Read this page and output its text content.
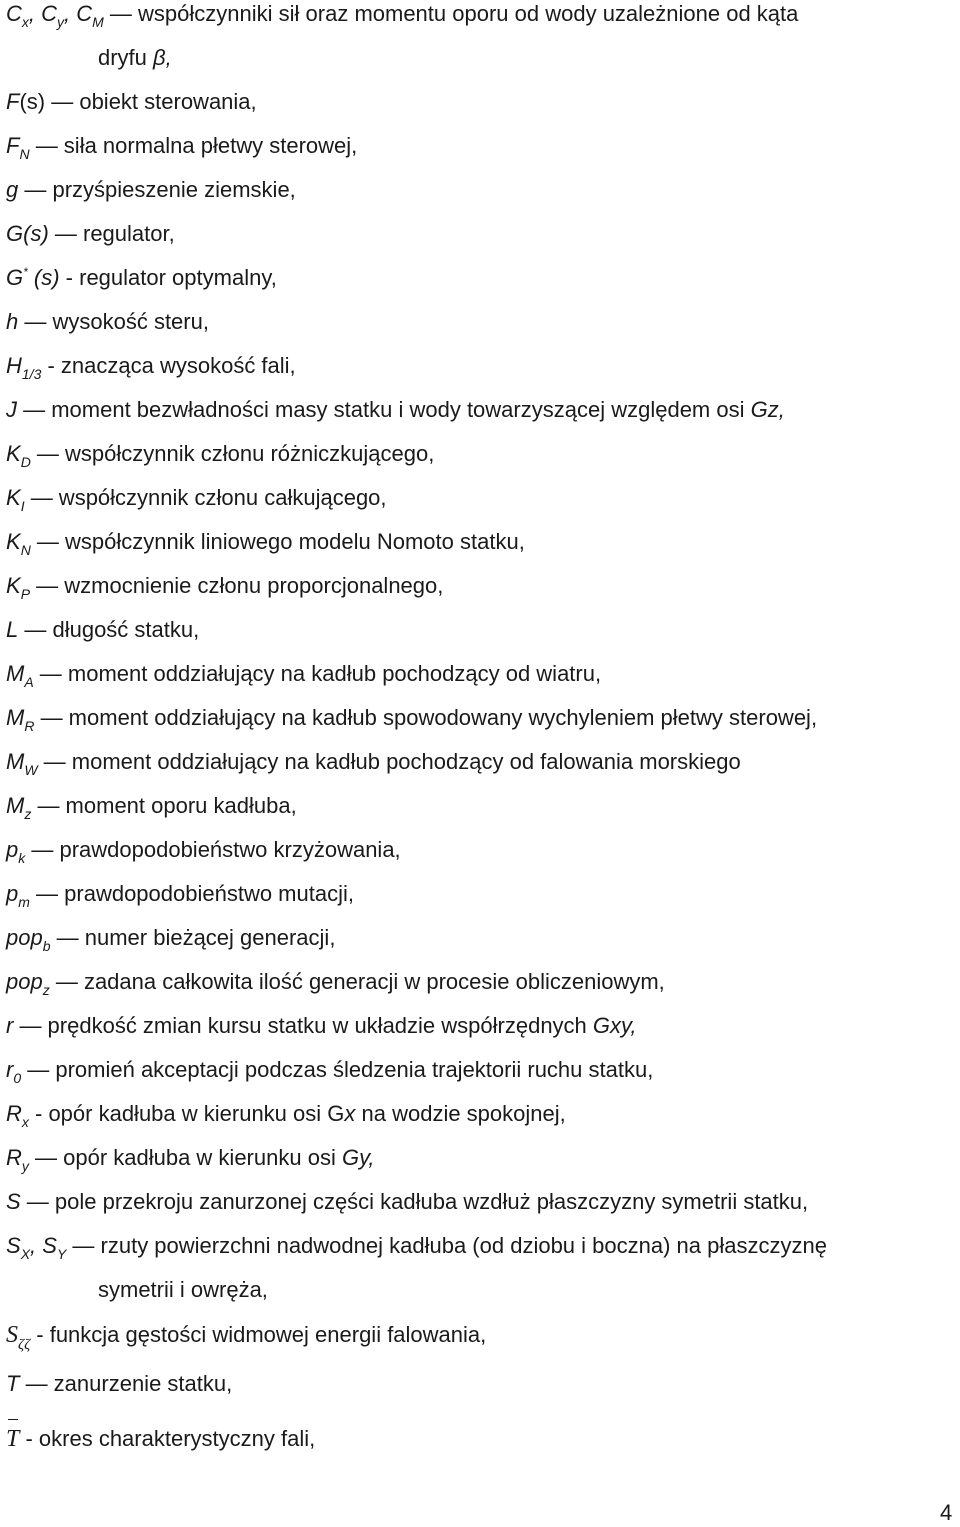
$C_x$, $C_y$, $C_M$ — współczynniki sił oraz momentu oporu od wody uzależnione od kąta
dryfu β,
F(s) — obiekt sterowania,
$F_N$ — siła normalna płetwy sterowej,
g — przyśpieszenie ziemskie,
G(s) — regulator,
G* (s) - regulator optymalny,
h — wysokość steru,
$H_{1/3}$ - znacząca wysokość fali,
J — moment bezwładności masy statku i wody towarzyszącej względem osi Gz,
$K_D$ — współczynnik członu różniczkującego,
$K_I$ — współczynnik członu całkującego,
$K_N$ — współczynnik liniowego modelu Nomoto statku,
$K_P$ — wzmocnienie członu proporcjonalnego,
L — długość statku,
$M_A$ — moment oddziałujący na kadłub pochodzący od wiatru,
$M_R$ — moment oddziałujący na kadłub spowodowany wychyleniem płetwy sterowej,
$M_W$ — moment oddziałujący na kadłub pochodzący od falowania morskiego
$M_z$ — moment oporu kadłuba,
$p_k$ — prawdopodobieństwo krzyżowania,
$p_m$ — prawdopodobieństwo mutacji,
pop$_b$ — numer bieżącej generacji,
pop$_z$ — zadana całkowita ilość generacji w procesie obliczeniowym,
r — prędkość zmian kursu statku w układzie współrzędnych Gxy,
$r_0$ — promień akceptacji podczas śledzenia trajektorii ruchu statku,
$R_x$ - opór kadłuba w kierunku osi Gx na wodzie spokojnej,
$R_y$ — opór kadłuba w kierunku osi Gy,
S — pole przekroju zanurzonej części kadłuba wzdłuż płaszczyzny symetrii statku,
$S_X$, $S_Y$ — rzuty powierzchni nadwodnej kadłuba (od dziobu i boczna) na płaszczyznę
symetrii i owręża,
$S_{\zeta\zeta}$ - funkcja gęstości widmowej energii falowania,
T — zanurzenie statku,
T - okres charakterystyczny fali,
4
